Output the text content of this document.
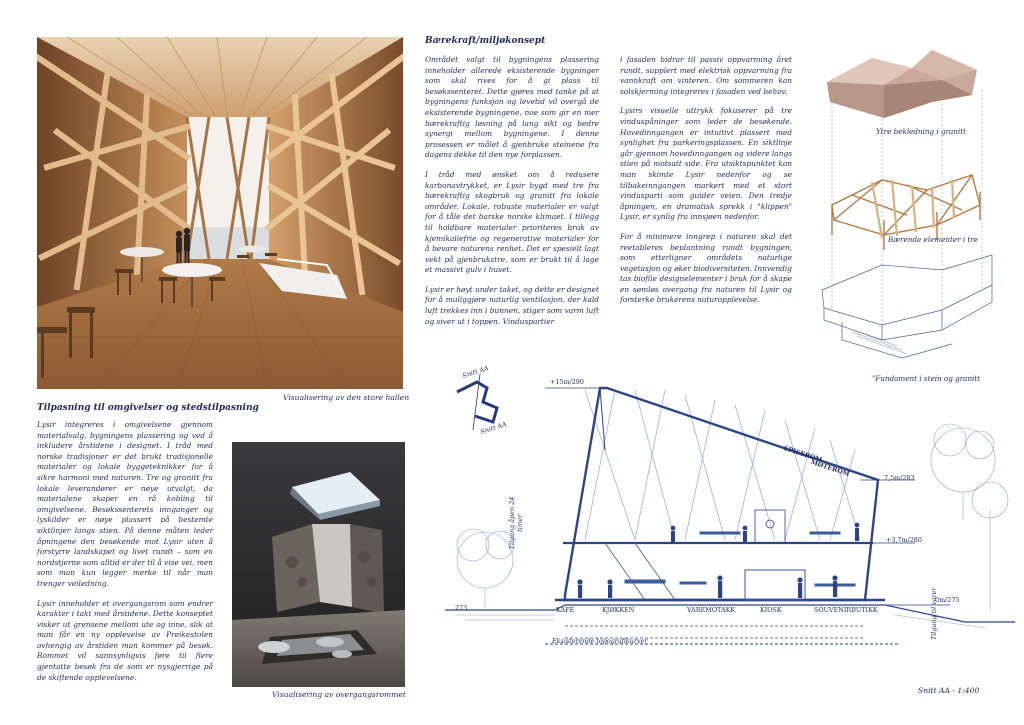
Visualisering av den store hallen
Visualisering av overgangsrommet
Bærekraft/miljøkonsept

Området valgt til bygningens plassering inneholder allerede eksisterende bygninger som skal rives for å gi plass til besøkssenteret. Dette gjøres med tanke på at bygningens funksjon og levetid vil overgå de eksisterende bygningene, noe som gir en mer bærekraftig løsning på lang sikt og bedre synergi mellom bygningene. I denne prosessen er målet å gjenbruke steinene fra dagens dekke til den nye forplassen.

I tråd med ønsket om å redusere karbonavtrykket, er Lysir bygd med tre fra bærekraftig skogbruk og granitt fra lokale områder. Lokale, robuste materialer er valgt for å tåle det barske norske klimaet. I tillegg til holdbare materialer prioriteres bruk av kjemikaliefrie og regenerative materialer for å bevare naturens renhet. Det er spesielt lagt vekt på gjenbrukstre, som er brukt til å lage et massivt gulv i huset.

Lysir er høyt under taket, og dette er designet for å muliggjøre naturlig ventilasjon, der kald luft trekkes inn i bunnen, stiger som varm luft og siver ut i toppen. Vinduspartier

i fasaden bidrar til passiv oppvarming året rundt, supplert med elektrisk oppvarming fra vannkraft om vinteren. Om sommeren kan solskjerming integreres i fasaden ved behov.

Lysirs visuelle uttrykk fokuserer på tre vinduspåninger som leder de besøkende. Hovedinngangen er intuitivt plassert med synlighet fra parkeringsplassen. En siktlinje går gjennom hovedinngangen og videre langs stien på motsatt side. Fra utsiktspunktet kan man skimte Lysir nedenfor og se tilbakeinngangen markert med et stort vindusparti som guider veien. Den tredje åpningen, en dramatisk sprekk i "klippen" Lysir, er synlig fra innsjøen nedenfor.

For å minimere inngrep i naturen skal det reetableres beplantning rundt bygningen, som etterligner områdets naturlige vegetasjon og øker biodiversiteten. Innvendig tas biofile designelementer i bruk for å skape en sømløs overgang fra naturen til Lysir og forsterke brukerens naturopplevelse.

Tilpasning til omgivelser og stedstilpasning

Lysir integreres i omgivelsene gjennom materialvalg, bygningens plassering og ved å inkludere årstidene i designet. I tråd med norske tradisjoner er det brukt tradisjonelle materialer og lokale byggeteknikker for å sikre harmoni med naturen. Tre og granitt fra lokale leverandører er nøye utvalgt, da materialene skaper en rå kobling til omgivelsene. Besøkssenterets innganger og lyskilder er nøye plassert på bestemte siktlinjer langs stien. På denne måten leder åpningene den besøkende mot Lysir uten å forstyrre landskapet og livet rundt – som en nordstjerne som alltid er der til å vise vei, men som man kun legger merke til når man trenger veiledning.

Lysir inneholder et overgangsrom som endrer karakter i takt med årstidene. Dette konseptet visker ut grensene mellom ute og inne, slik at man får en ny opplevelse av Preikestolen avhengig av årstiden man kommer på besøk. Rommet vil sannsynligvis føre til flere gjentatte besøk fra de som er nysgjerrige på de skiftende opplevelsene.

Ytre bekledning i granitt
Bærende elementer i tre
"Fundament i stein og granitt
Snitt AA
Snitt AA
+15m/290
7,5m/283
+3,7m/280
0m/275
273
SPISEROM
MØTEROM
KAFE	KJØKKEN	VAREMOTAKK	KIOSK	SOUVENIRBUTIKK
Tilgang åpen 24 timer
Tilgang til varer
Eksisterende topografikurver
Snitt AA - 1:400
